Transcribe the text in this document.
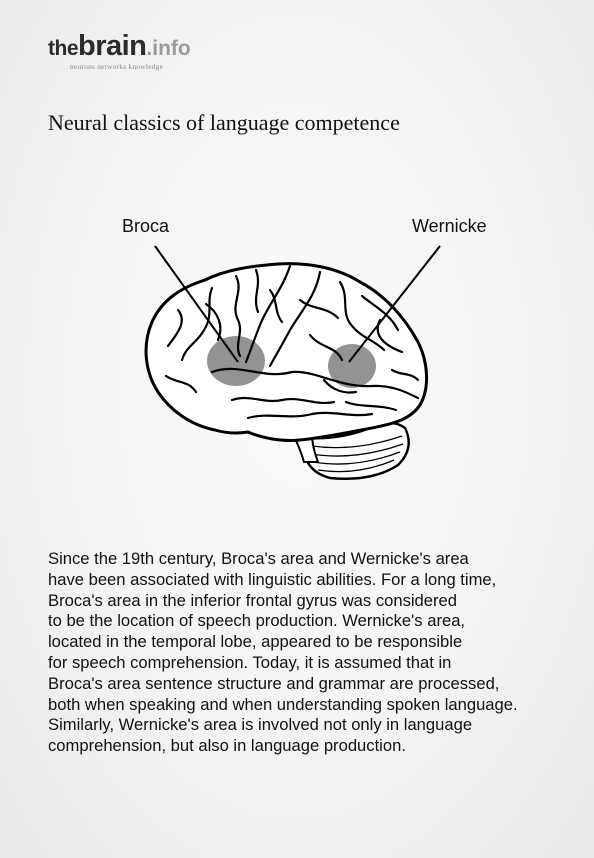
thebrain.info
neurons networks knowledge
Neural classics of language competence
Broca	Wernicke

Since the 19th century, Broca's area and Wernicke's area
have been associated with linguistic abilities. For a long time,
Broca's area in the inferior frontal gyrus was considered
to be the location of speech production. Wernicke's area,
located in the temporal lobe, appeared to be responsible
for speech comprehension. Today, it is assumed that in
Broca's area sentence structure and grammar are processed,
both when speaking and when understanding spoken language.
Similarly, Wernicke's area is involved not only in language
comprehension, but also in language production.
